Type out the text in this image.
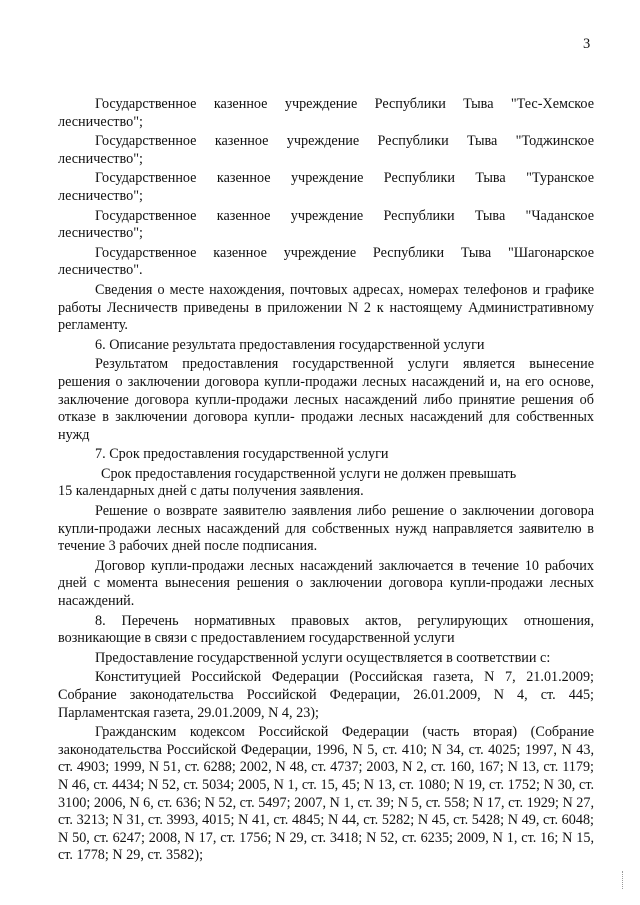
3

Государственное казенное учреждение Республики Тыва "Тес-Хемское лесничество";

Государственное казенное учреждение Республики Тыва "Тоджинское лесничество";

Государственное казенное учреждение Республики Тыва "Туранское лесничество";

Государственное казенное учреждение Республики Тыва "Чаданское лесничество";

Государственное казенное учреждение Республики Тыва "Шагонарское лесничество".

Сведения о месте нахождения, почтовых адресах, номерах телефонов и графике работы Лесничеств приведены в приложении N 2 к настоящему Административному регламенту.

6. Описание результата предоставления государственной услуги

Результатом предоставления государственной услуги является вынесение решения о заключении договора купли-продажи лесных насаждений и, на его основе, заключение договора купли-продажи лесных насаждений либо принятие решения об отказе в заключении договора купли- продажи лесных насаждений для собственных нужд

7. Срок предоставления государственной услуги

Срок предоставления государственной услуги не должен превышать

15 календарных дней с даты получения заявления.

Решение о возврате заявителю заявления либо решение о заключении договора купли-продажи лесных насаждений для собственных нужд направляется заявителю в течение 3 рабочих дней после подписания.

Договор купли-продажи лесных насаждений заключается в течение 10 рабочих дней с момента вынесения решения о заключении договора купли-продажи лесных насаждений.

8. Перечень нормативных правовых актов, регулирующих отношения, возникающие в связи с предоставлением государственной услуги

Предоставление государственной услуги осуществляется в соответствии с:

Конституцией Российской Федерации (Российская газета, N 7, 21.01.2009; Собрание законодательства Российской Федерации, 26.01.2009, N 4, ст. 445; Парламентская газета, 29.01.2009, N 4, 23);

Гражданским кодексом Российской Федерации (часть вторая) (Собрание законодательства Российской Федерации, 1996, N 5, ст. 410; N 34, ст. 4025; 1997, N 43, ст. 4903; 1999, N 51, ст. 6288; 2002, N 48, ст. 4737; 2003, N 2, ст. 160, 167; N 13, ст. 1179; N 46, ст. 4434; N 52, ст. 5034; 2005, N 1, ст. 15, 45; N 13, ст. 1080; N 19, ст. 1752; N 30, ст. 3100; 2006, N 6, ст. 636; N 52, ст. 5497; 2007, N 1, ст. 39; N 5, ст. 558; N 17, ст. 1929; N 27, ст. 3213; N 31, ст. 3993, 4015; N 41, ст. 4845; N 44, ст. 5282; N 45, ст. 5428; N 49, ст. 6048; N 50, ст. 6247; 2008, N 17, ст. 1756; N 29, ст. 3418; N 52, ст. 6235; 2009, N 1, ст. 16; N 15, ст. 1778; N 29, ст. 3582);
